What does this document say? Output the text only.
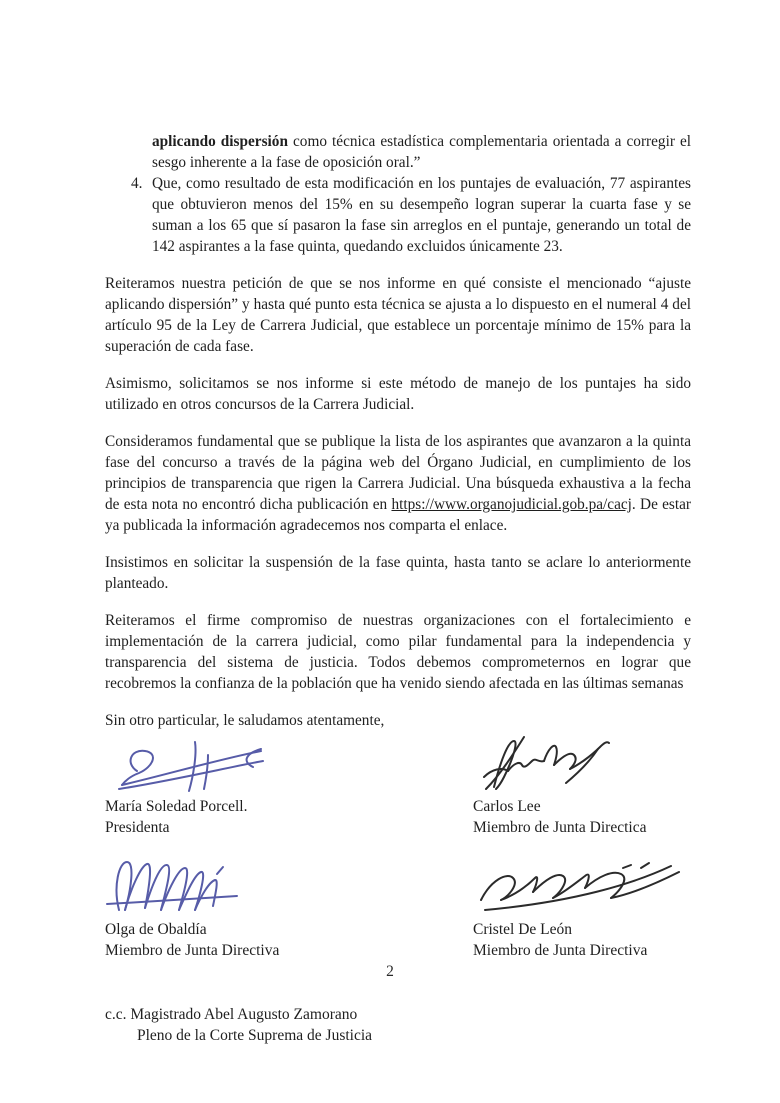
aplicando dispersión como técnica estadística complementaria orientada a corregir el sesgo inherente a la fase de oposición oral.”
4. Que, como resultado de esta modificación en los puntajes de evaluación, 77 aspirantes que obtuvieron menos del 15% en su desempeño logran superar la cuarta fase y se suman a los 65 que sí pasaron la fase sin arreglos en el puntaje, generando un total de 142 aspirantes a la fase quinta, quedando excluidos únicamente 23.

Reiteramos nuestra petición de que se nos informe en qué consiste el mencionado “ajuste aplicando dispersión” y hasta qué punto esta técnica se ajusta a lo dispuesto en el numeral 4 del artículo 95 de la Ley de Carrera Judicial, que establece un porcentaje mínimo de 15% para la superación de cada fase.

Asimismo, solicitamos se nos informe si este método de manejo de los puntajes ha sido utilizado en otros concursos de la Carrera Judicial.

Consideramos fundamental que se publique la lista de los aspirantes que avanzaron a la quinta fase del concurso a través de la página web del Órgano Judicial, en cumplimiento de los principios de transparencia que rigen la Carrera Judicial. Una búsqueda exhaustiva a la fecha de esta nota no encontró dicha publicación en https://www.organojudicial.gob.pa/cacj. De estar ya publicada la información agradecemos nos comparta el enlace.

Insistimos en solicitar la suspensión de la fase quinta, hasta tanto se aclare lo anteriormente planteado.

Reiteramos el firme compromiso de nuestras organizaciones con el fortalecimiento e implementación de la carrera judicial, como pilar fundamental para la independencia y transparencia del sistema de justicia. Todos debemos comprometernos en lograr que recobremos la confianza de la población que ha venido siendo afectada en las últimas semanas

Sin otro particular, le saludamos atentamente,

María Soledad Porcell.
Presidenta
Carlos Lee
Miembro de Junta Directica
Olga de Obaldía
Miembro de Junta Directiva
Cristel De León
Miembro de Junta Directiva
c.c. Magistrado Abel Augusto Zamorano
Pleno de la Corte Suprema de Justicia
2
